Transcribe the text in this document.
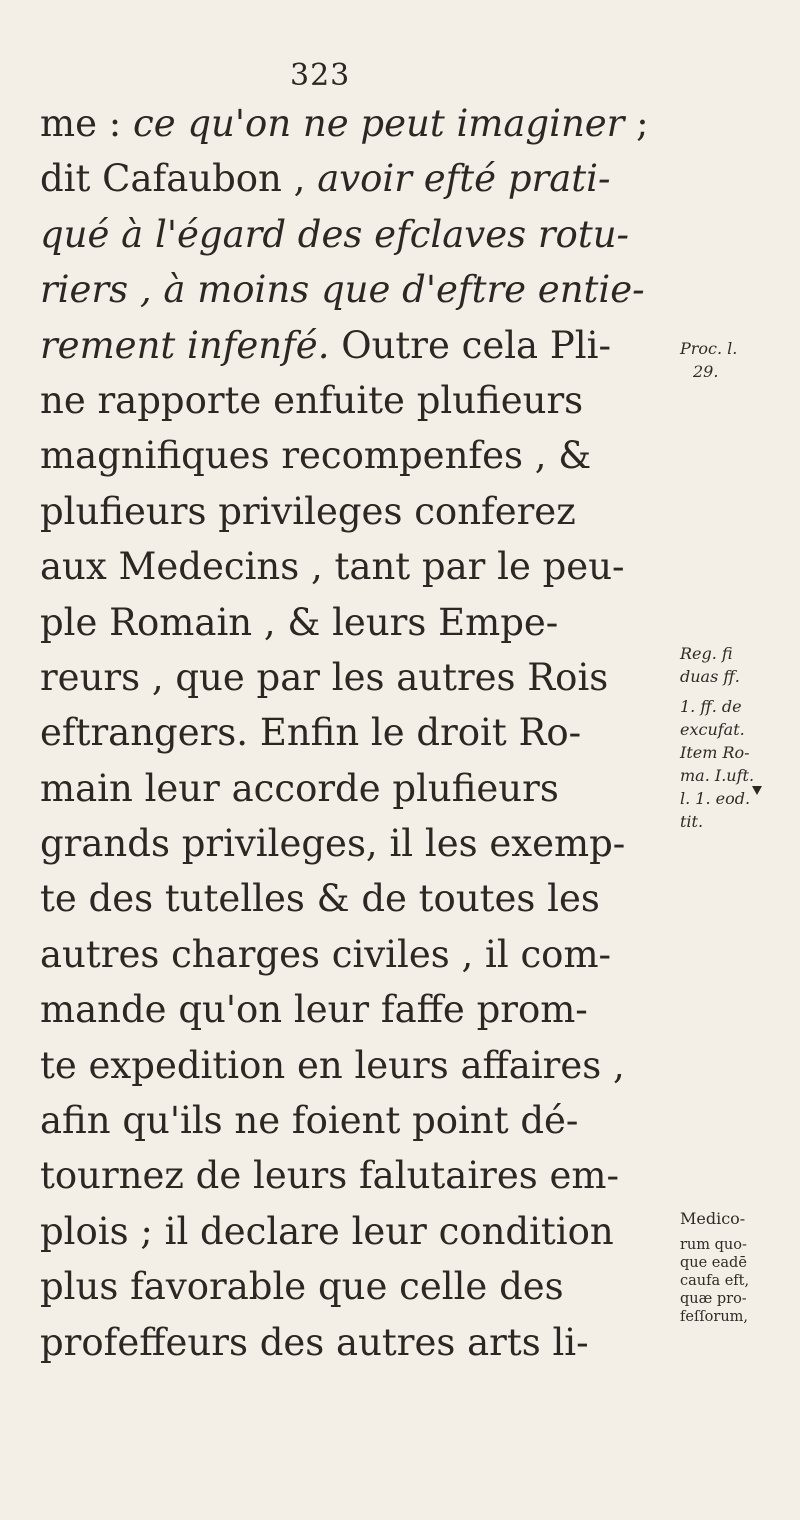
323
me : ce qu'on ne peut imaginer ;
dit Cafaubon , avoir efté prati-
qué à l'égard des efclaves rotu-
riers , à moins que d'eftre entie-
rement infenfé. Outre cela Pli-
ne rapporte enfuite plufieurs
magnifiques recompenfes , &
plufieurs privileges conferez
aux Medecins , tant par le peu-
ple Romain , & leurs Empe-
reurs , que par les autres Rois
eftrangers. Enfin le droit Ro-
main leur accorde plufieurs
grands privileges, il les exemp-
te des tutelles & de toutes les
autres charges civiles , il com-
mande qu'on leur faffe prom-
te expedition en leurs affaires ,
afin qu'ils ne foient point dé-
tournez de leurs falutaires em-
plois ; il declare leur condition
plus favorable que celle des
profeffeurs des autres arts li-
Proc. l.
29.
Reg. fi
duas ff.
1. ff. de
excufat.
Item Ro-
ma. I.uft.
l. 1. eod.
tit.
Medico-
rum quo-
que eadē
caufa eft,
quæ pro-
feſſorum,
